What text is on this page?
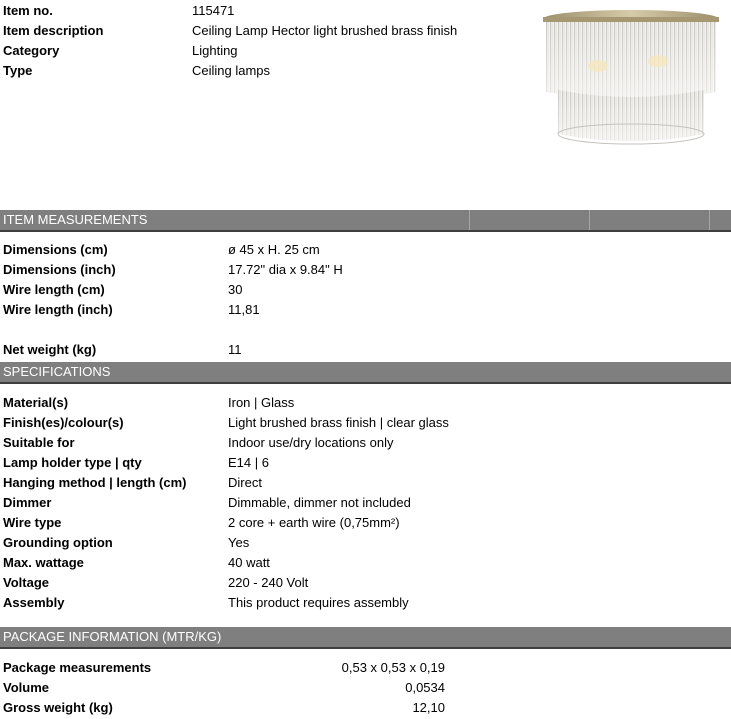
Item no.	115471
Item description	Ceiling Lamp Hector light brushed brass finish
Category	Lighting
Type	Ceiling lamps
ITEM MEASUREMENTS
Dimensions (cm)	ø 45 x H. 25 cm
Dimensions (inch)	17.72" dia x 9.84" H
Wire length (cm)	30
Wire length (inch)	11,81
Net weight (kg)	11
SPECIFICATIONS
Material(s)	Iron | Glass
Finish(es)/colour(s)	Light brushed brass finish | clear glass
Suitable for	Indoor use/dry locations only
Lamp holder type | qty	E14 | 6
Hanging method | length (cm)	Direct
Dimmer	Dimmable, dimmer not included
Wire type	2 core + earth wire (0,75mm²)
Grounding option	Yes
Max. wattage	40 watt
Voltage	220 - 240 Volt
Assembly	This product requires assembly
PACKAGE INFORMATION (MTR/KG)
Package measurements	0,53 x 0,53 x 0,19
Volume	0,0534
Gross weight (kg)	12,10
